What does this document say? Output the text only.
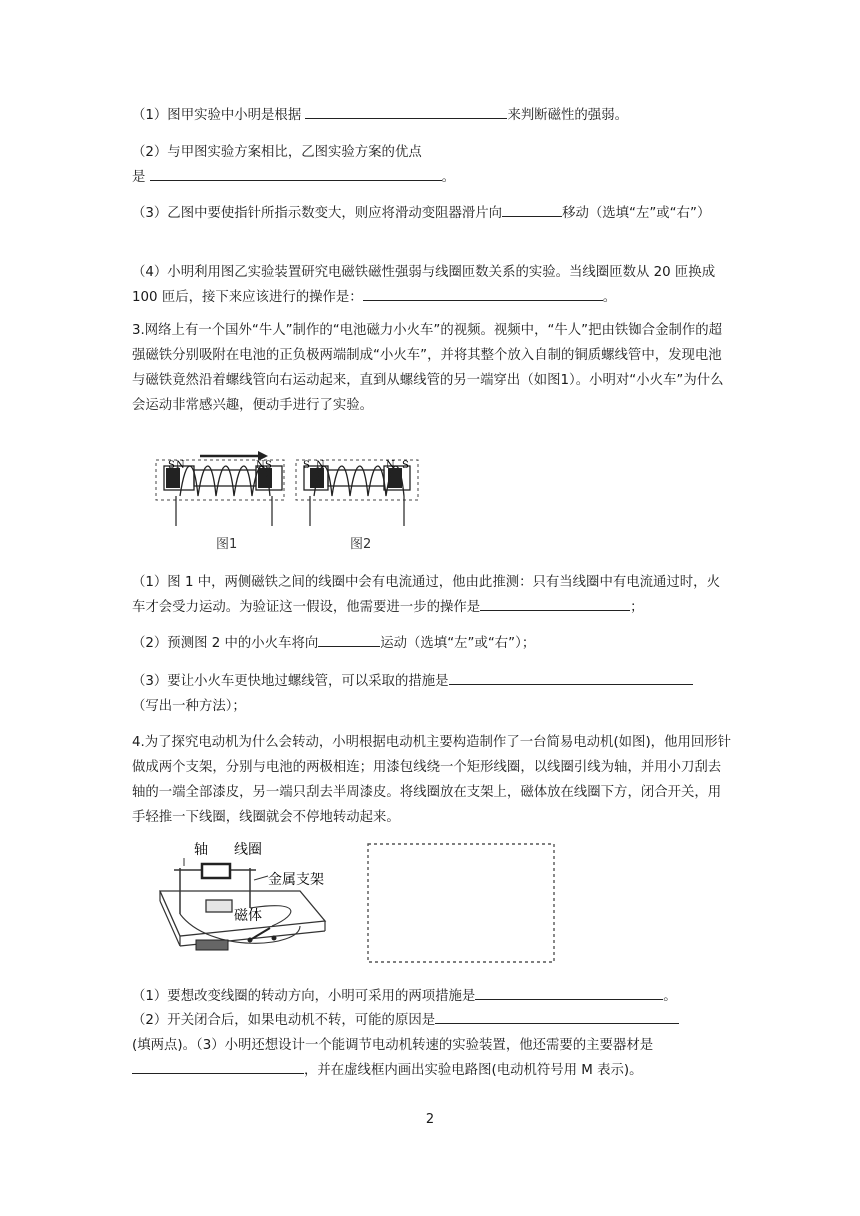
（1）图甲实验中小明是根据	来判断磁性的强弱。

（2）与甲图实验方案相比，乙图实验方案的优点
是	。

（3）乙图中要使指针所指示数变大，则应将滑动变阻器滑片向	移动（选填“左”或“右”）

（4）小明利用图乙实验装置研究电磁铁磁性强弱与线圈匝数关系的实验。当线圈匝数从 20 匝换成 100 匝后，接下来应该进行的操作是：	。

3.网络上有一个国外“牛人”制作的“电池磁力小火车”的视频。视频中，“牛人”把由铁铷合金制作的超强磁铁分别吸附在电池的正负极两端制成“小火车”，并将其整个放入自制的铜质螺线管中，发现电池与磁铁竟然沿着螺线管向右运动起来，直到从螺线管的另一端穿出（如图1）。小明对“小火车”为什么会运动非常感兴趣，便动手进行了实验。

S N	N S
图1
S N	N S
图2

（1）图 1 中，两侧磁铁之间的线圈中会有电流通过，他由此推测：只有当线圈中有电流通过时，火车才会受力运动。为验证这一假设，他需要进一步的操作是	；

（2）预测图 2 中的小火车将向	运动（选填“左”或“右”）；

（3）要让小火车更快地过螺线管，可以采取的措施是
（写出一种方法）；

4.为了探究电动机为什么会转动，小明根据电动机主要构造制作了一台简易电动机(如图)，他用回形针做成两个支架，分别与电池的两极相连；用漆包线绕一个矩形线圈，以线圈引线为轴，并用小刀刮去轴的一端全部漆皮，另一端只刮去半周漆皮。将线圈放在支架上，磁体放在线圈下方，闭合开关，用手轻推一下线圈，线圈就会不停地转动起来。

轴 线圈
金属支架
磁体

（1）要想改变线圈的转动方向，小明可采用的两项措施是	。

（2）开关闭合后，如果电动机不转，可能的原因是
(填两点)。（3）小明还想设计一个能调节电动机转速的实验装置，他还需要的主要器材是，并在虚线框内画出实验电路图(电动机符号用 M 表示)。

2
